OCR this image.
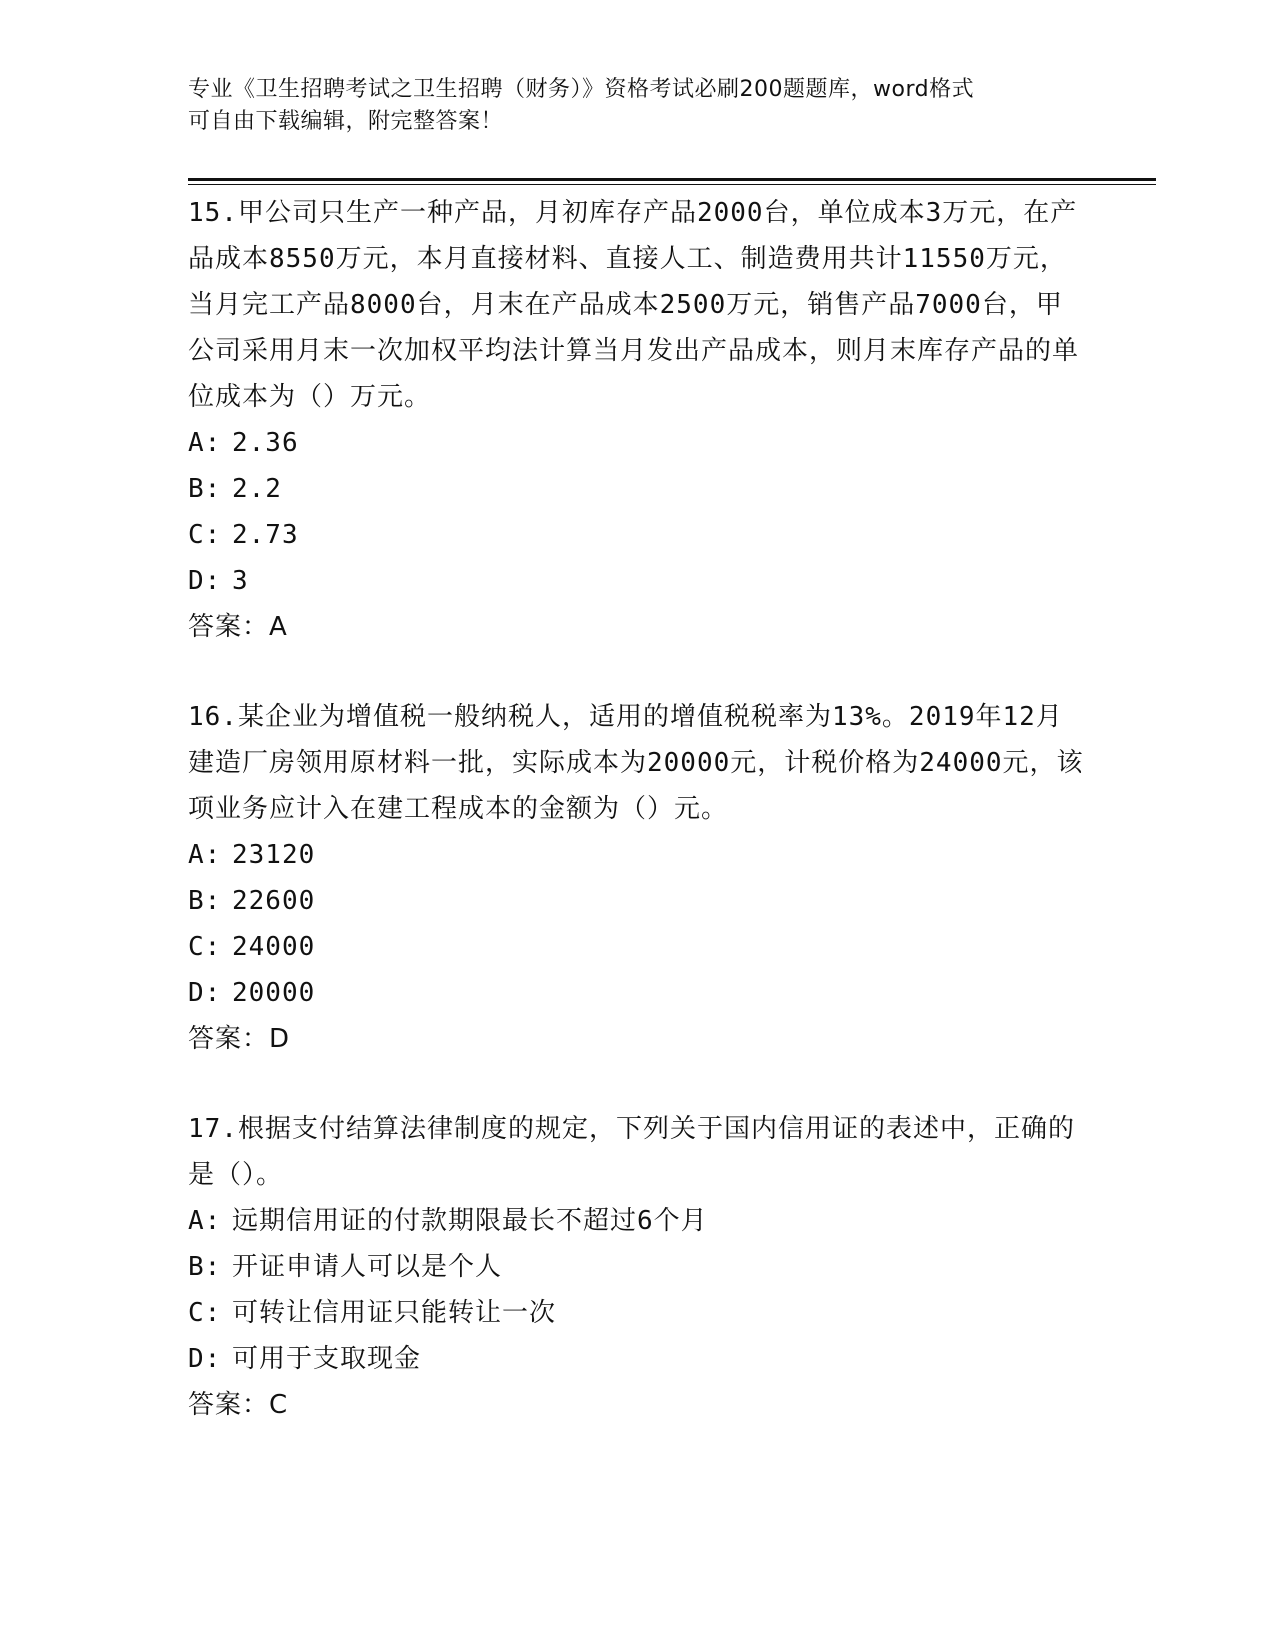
专业《卫生招聘考试之卫生招聘（财务）》资格考试必刷200题题库，word格式
可自由下载编辑，附完整答案！

15.甲公司只生产一种产品，月初库存产品2000台，单位成本3万元，在产品成本8550万元，本月直接材料、直接人工、制造费用共计11550万元，当月完工产品8000台，月末在产品成本2500万元，销售产品7000台，甲公司采用月末一次加权平均法计算当月发出产品成本，则月末库存产品的单位成本为（）万元。

A: 2.36

B: 2.2

C: 2.73

D: 3

答案：A

16.某企业为增值税一般纳税人，适用的增值税税率为13%。2019年12月建造厂房领用原材料一批，实际成本为20000元，计税价格为24000元，该项业务应计入在建工程成本的金额为（）元。

A: 23120

B: 22600

C: 24000

D: 20000

答案：D

17.根据支付结算法律制度的规定，下列关于国内信用证的表述中，正确的是（）。

A: 远期信用证的付款期限最长不超过6个月

B: 开证申请人可以是个人

C: 可转让信用证只能转让一次

D: 可用于支取现金

答案：C
